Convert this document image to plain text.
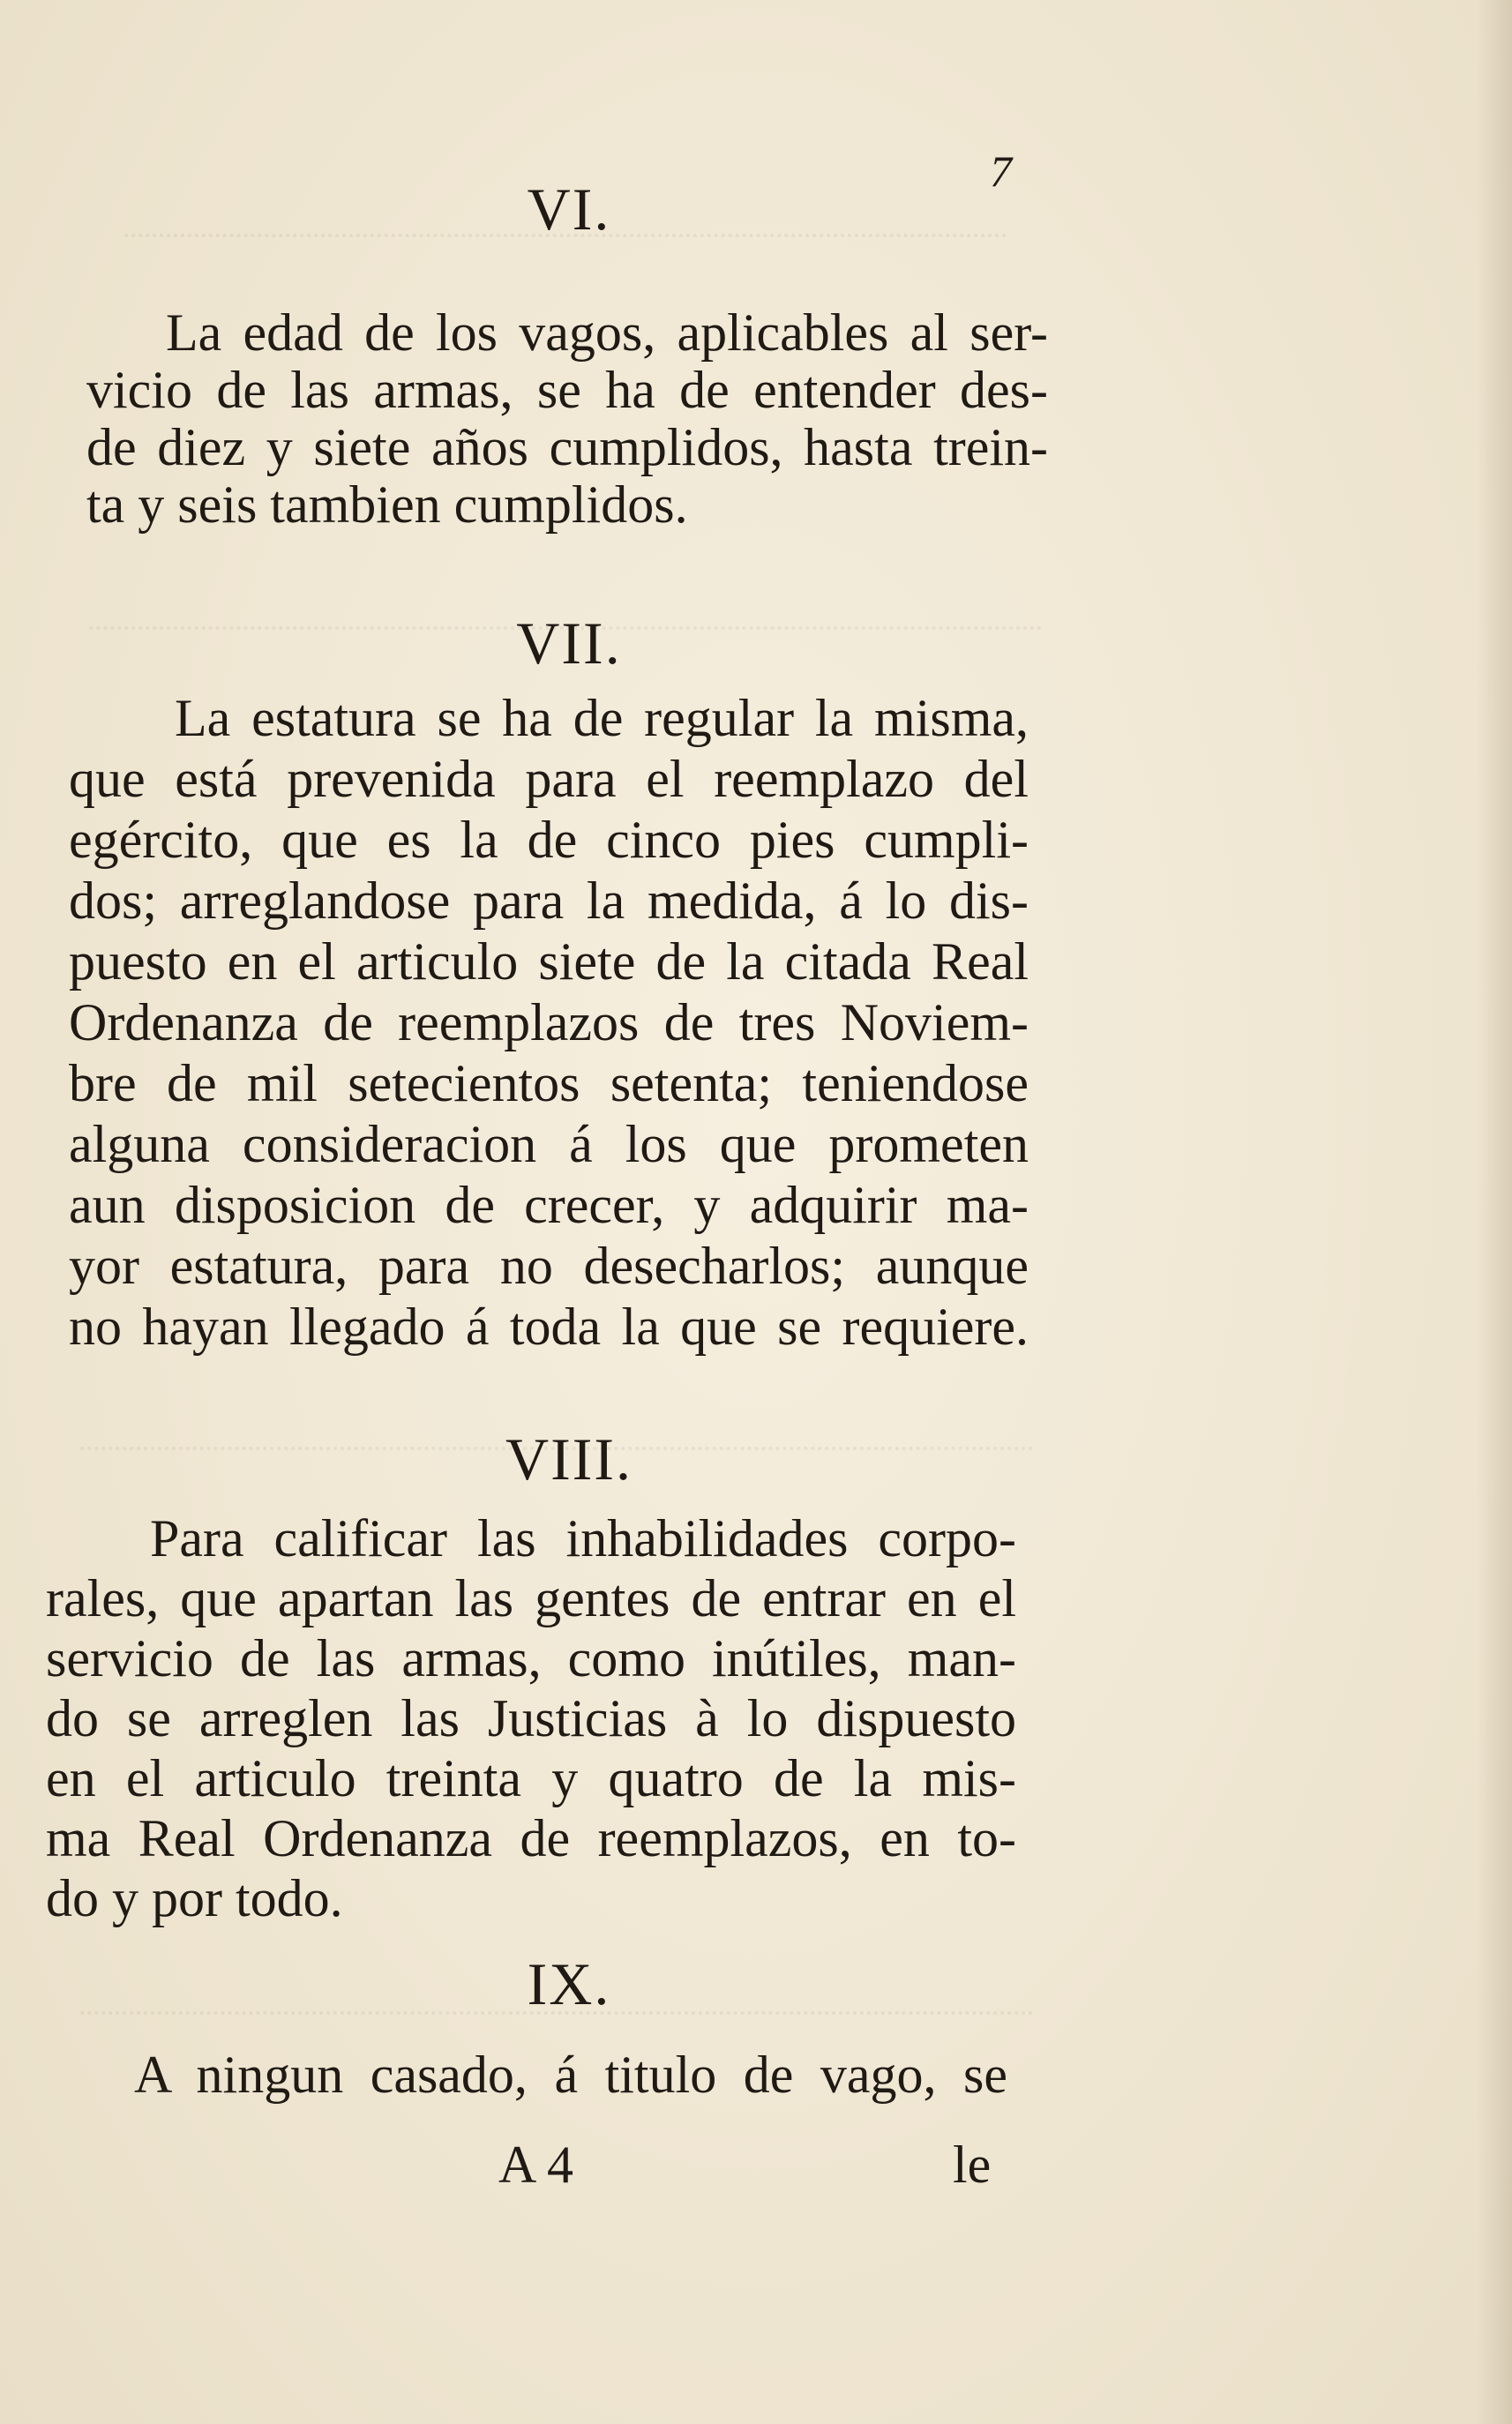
7
VI.
La edad de los vagos, aplicables al ser-
vicio de las armas, se ha de entender des-
de diez y siete años cumplidos, hasta trein-
ta y seis tambien cumplidos.
VII.
La estatura se ha de regular la misma,
que está prevenida para el reemplazo del
egército, que es la de cinco pies cumpli-
dos; arreglandose para la medida, á lo dis-
puesto en el articulo siete de la citada Real
Ordenanza de reemplazos de tres Noviem-
bre de mil setecientos setenta; teniendose
alguna consideracion á los que prometen
aun disposicion de crecer, y adquirir ma-
yor estatura, para no desecharlos; aunque
no hayan llegado á toda la que se requiere.
VIII.
Para calificar las inhabilidades corpo-
rales, que apartan las gentes de entrar en el
servicio de las armas, como inútiles, man-
do se arreglen las Justicias à lo dispuesto
en el articulo treinta y quatro de la mis-
ma Real Ordenanza de reemplazos, en to-
do y por todo.
IX.
A ningun casado, á titulo de vago, se
A 4	le
